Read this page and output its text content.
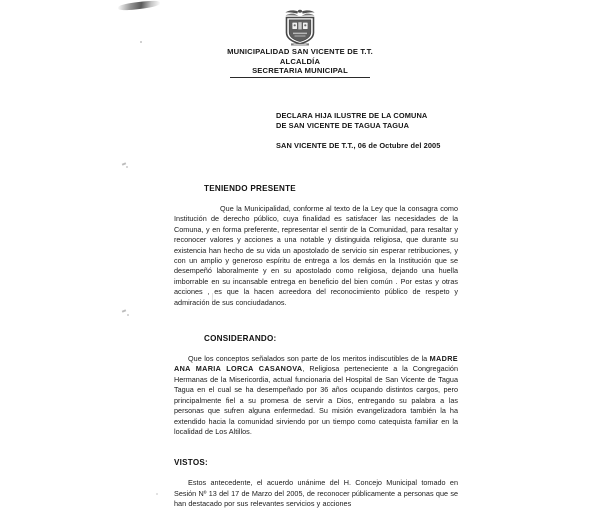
MUNICIPALIDAD SAN VICENTE DE T.T.
ALCALDÍA
SECRETARIA MUNICIPAL
DECLARA HIJA ILUSTRE DE LA COMUNA
DE SAN VICENTE DE TAGUA TAGUA
SAN VICENTE DE T.T., 06 de Octubre del 2005
TENIENDO PRESENTE

Que la Municipalidad, conforme al texto de la Ley que la consagra como Institución de derecho público, cuya finalidad es satisfacer las necesidades de la Comuna, y en forma preferente, representar el sentir de la Comunidad, para resaltar y reconocer valores y acciones a una notable y distinguida religiosa, que durante su existencia han hecho de su vida un apostolado de servicio sin esperar retribuciones, y con un amplio y generoso espíritu de entrega a los demás en la Institución que se desempeñó laboralmente y en su apostolado como religiosa, dejando una huella imborrable en su incansable entrega en beneficio del bien común . Por estas y otras acciones , es que la hacen acreedora del reconocimiento público de respeto y admiración de sus conciudadanos.

CONSIDERANDO:

Que los conceptos señalados son parte de los meritos indiscutibles de la MADRE ANA MARIA LORCA CASANOVA, Religiosa perteneciente a la Congregación Hermanas de la Misericordia, actual funcionaria del Hospital de San Vicente de Tagua Tagua en el cual se ha desempeñado por 36 años ocupando distintos cargos, pero principalmente fiel a su promesa de servir a Dios, entregando su palabra a las personas que sufren alguna enfermedad. Su misión evangelizadora también la ha extendido hacia la comunidad sirviendo por un tiempo como catequista familiar en la localidad de Los Altillos.

VISTOS:

Estos antecedente, el acuerdo unánime del H. Concejo Municipal tomado en Sesión Nº 13 del 17 de Marzo del 2005, de reconocer públicamente a personas que se han destacado por sus relevantes servicios y acciones
